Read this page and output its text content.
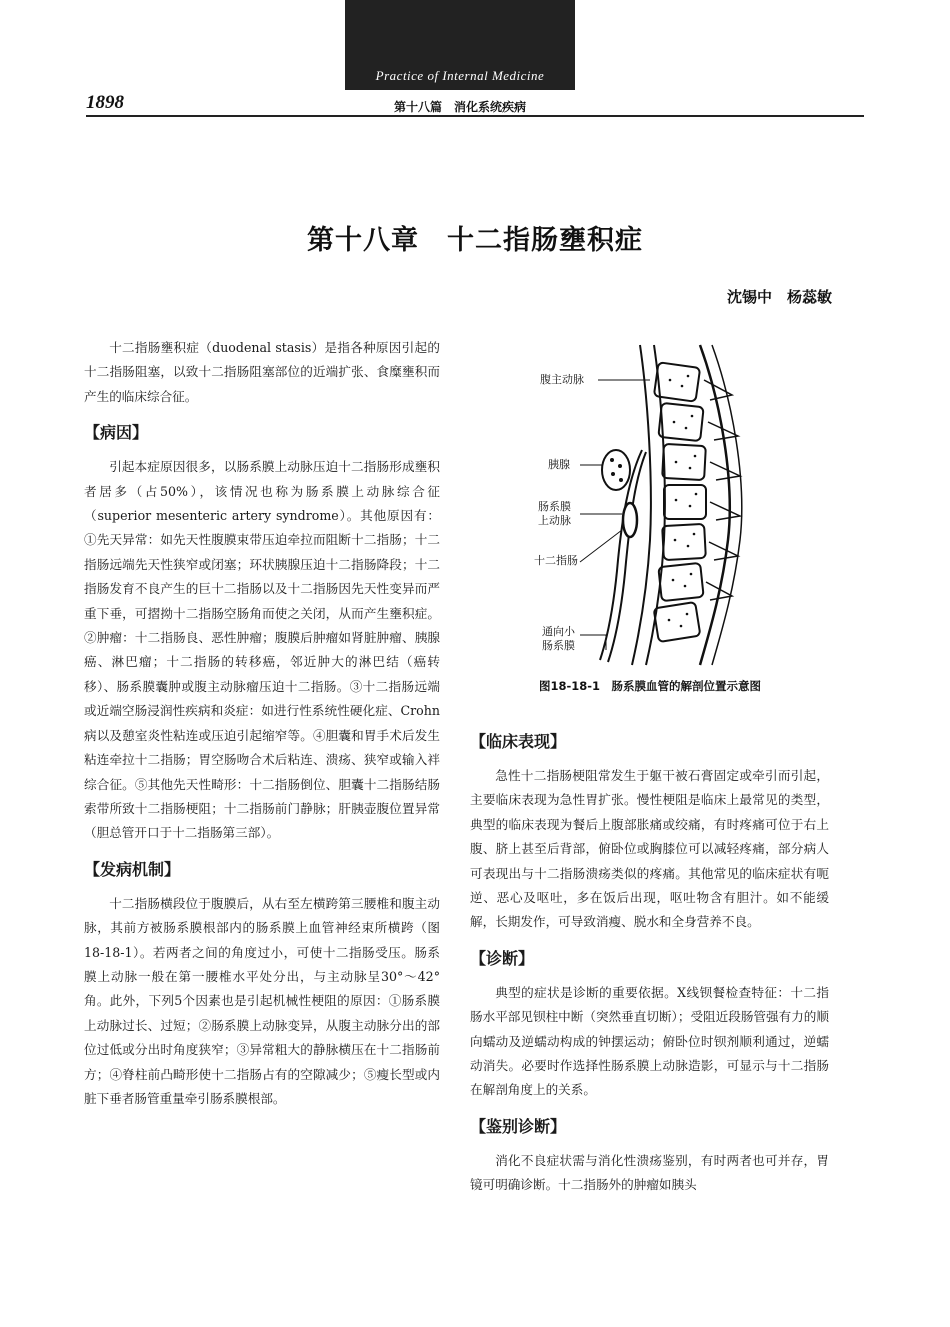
Practice of Internal Medicine
1898	第十八篇　消化系统疾病
第十八章　十二指肠壅积症
沈锡中　杨蕊敏

十二指肠壅积症（duodenal stasis）是指各种原因引起的十二指肠阻塞，以致十二指肠阻塞部位的近端扩张、食糜壅积而产生的临床综合征。

【病因】

引起本症原因很多，以肠系膜上动脉压迫十二指肠形成壅积者居多（占50%），该情况也称为肠系膜上动脉综合征（superior mesenteric artery syndrome）。其他原因有：①先天异常：如先天性腹膜束带压迫牵拉而阻断十二指肠；十二指肠远端先天性狭窄或闭塞；环状胰腺压迫十二指肠降段；十二指肠发育不良产生的巨十二指肠以及十二指肠因先天性变异而严重下垂，可摺拗十二指肠空肠角而使之关闭，从而产生壅积症。②肿瘤：十二指肠良、恶性肿瘤；腹膜后肿瘤如肾脏肿瘤、胰腺癌、淋巴瘤；十二指肠的转移癌，邻近肿大的淋巴结（癌转移）、肠系膜囊肿或腹主动脉瘤压迫十二指肠。③十二指肠远端或近端空肠浸润性疾病和炎症：如进行性系统性硬化症、Crohn病以及憩室炎性粘连或压迫引起缩窄等。④胆囊和胃手术后发生粘连牵拉十二指肠；胃空肠吻合术后粘连、溃疡、狭窄或输入袢综合征。⑤其他先天性畸形：十二指肠倒位、胆囊十二指肠结肠索带所致十二指肠梗阻；十二指肠前门静脉；肝胰壶腹位置异常（胆总管开口于十二指肠第三部）。

【发病机制】

十二指肠横段位于腹膜后，从右至左横跨第三腰椎和腹主动脉，其前方被肠系膜根部内的肠系膜上血管神经束所横跨（图18-18-1）。若两者之间的角度过小，可使十二指肠受压。肠系膜上动脉一般在第一腰椎水平处分出，与主动脉呈30°～42°角。此外，下列5个因素也是引起机械性梗阻的原因：①肠系膜上动脉过长、过短；②肠系膜上动脉变异，从腹主动脉分出的部位过低或分出时角度狭窄；③异常粗大的静脉横压在十二指肠前方；④脊柱前凸畸形使十二指肠占有的空隙减少；⑤瘦长型或内脏下垂者肠管重量牵引肠系膜根部。

腹主动脉
胰腺
肠系膜
上动脉
十二指肠
通向小
肠系膜
图18-18-1　肠系膜血管的解剖位置示意图
【临床表现】

急性十二指肠梗阻常发生于躯干被石膏固定或牵引而引起，主要临床表现为急性胃扩张。慢性梗阻是临床上最常见的类型，典型的临床表现为餐后上腹部胀痛或绞痛，有时疼痛可位于右上腹、脐上甚至后背部，俯卧位或胸膝位可以减轻疼痛，部分病人可表现出与十二指肠溃疡类似的疼痛。其他常见的临床症状有呃逆、恶心及呕吐，多在饭后出现，呕吐物含有胆汁。如不能缓解，长期发作，可导致消瘦、脱水和全身营养不良。

【诊断】

典型的症状是诊断的重要依据。X线钡餐检查特征：十二指肠水平部见钡柱中断（突然垂直切断）；受阻近段肠管强有力的顺向蠕动及逆蠕动构成的钟摆运动；俯卧位时钡剂顺利通过，逆蠕动消失。必要时作选择性肠系膜上动脉造影，可显示与十二指肠在解剖角度上的关系。

【鉴别诊断】

消化不良症状需与消化性溃疡鉴别，有时两者也可并存，胃镜可明确诊断。十二指肠外的肿瘤如胰头
